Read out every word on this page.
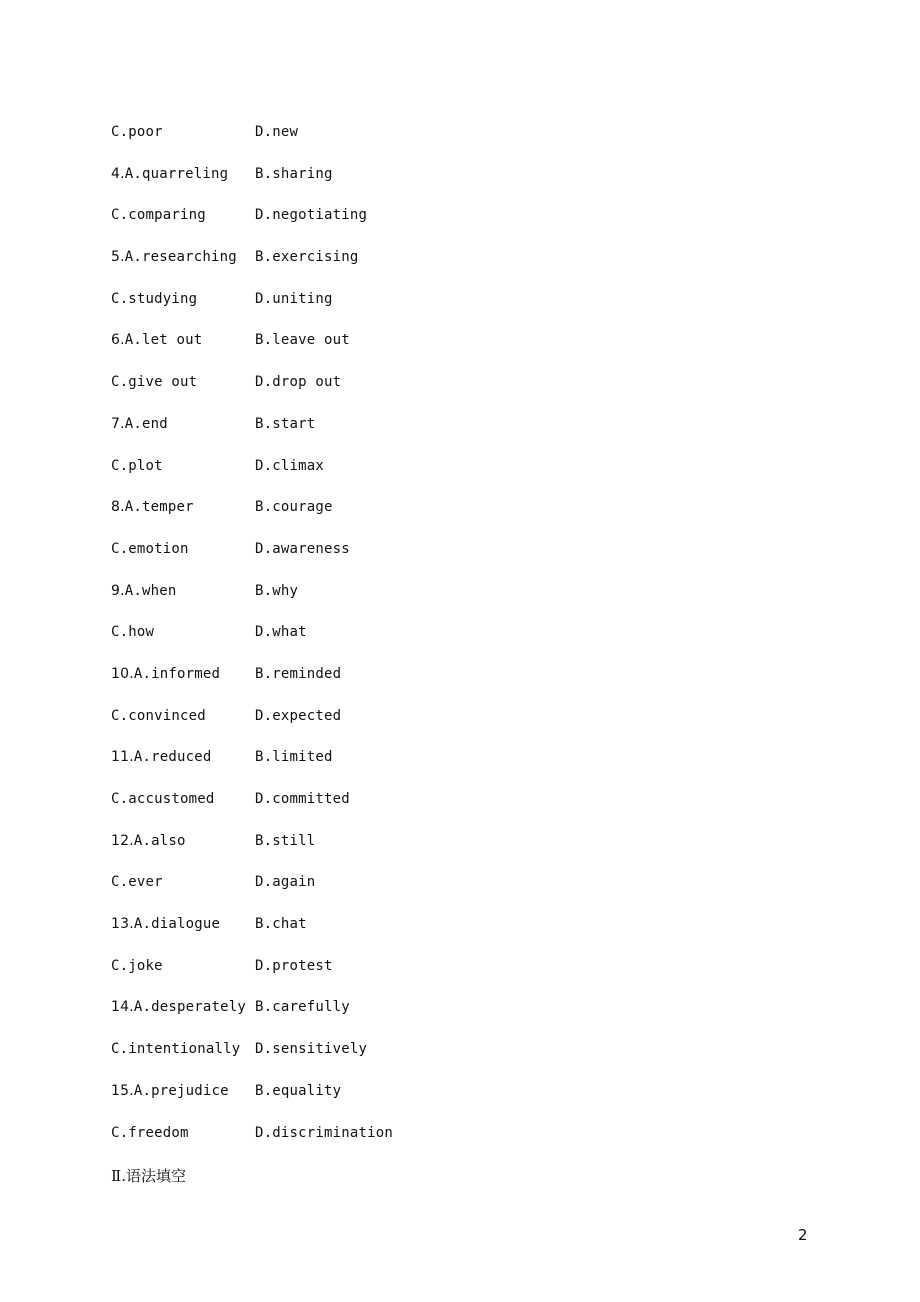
C.poor	D.new
4.A.quarreling B.sharing
C.comparing	D.negotiating
5.A.researching B.exercising
C.studying	D.uniting
6.A.let out	B.leave out
C.give out	D.drop out
7.A.end	B.start
C.plot	D.climax
8.A.temper	B.courage
C.emotion	D.awareness
9.A.when	B.why
C.how	D.what
10.A.informed B.reminded
C.convinced	D.expected
11.A.reduced	B.limited
C.accustomed	D.committed
12.A.also	B.still
C.ever	D.again
13.A.dialogue B.chat
C.joke	D.protest
14.A.desperately B.carefully
C.intentionally D.sensitively
15.A.prejudice B.equality
C.freedom	D.discrimination
Ⅱ.语法填空
2
